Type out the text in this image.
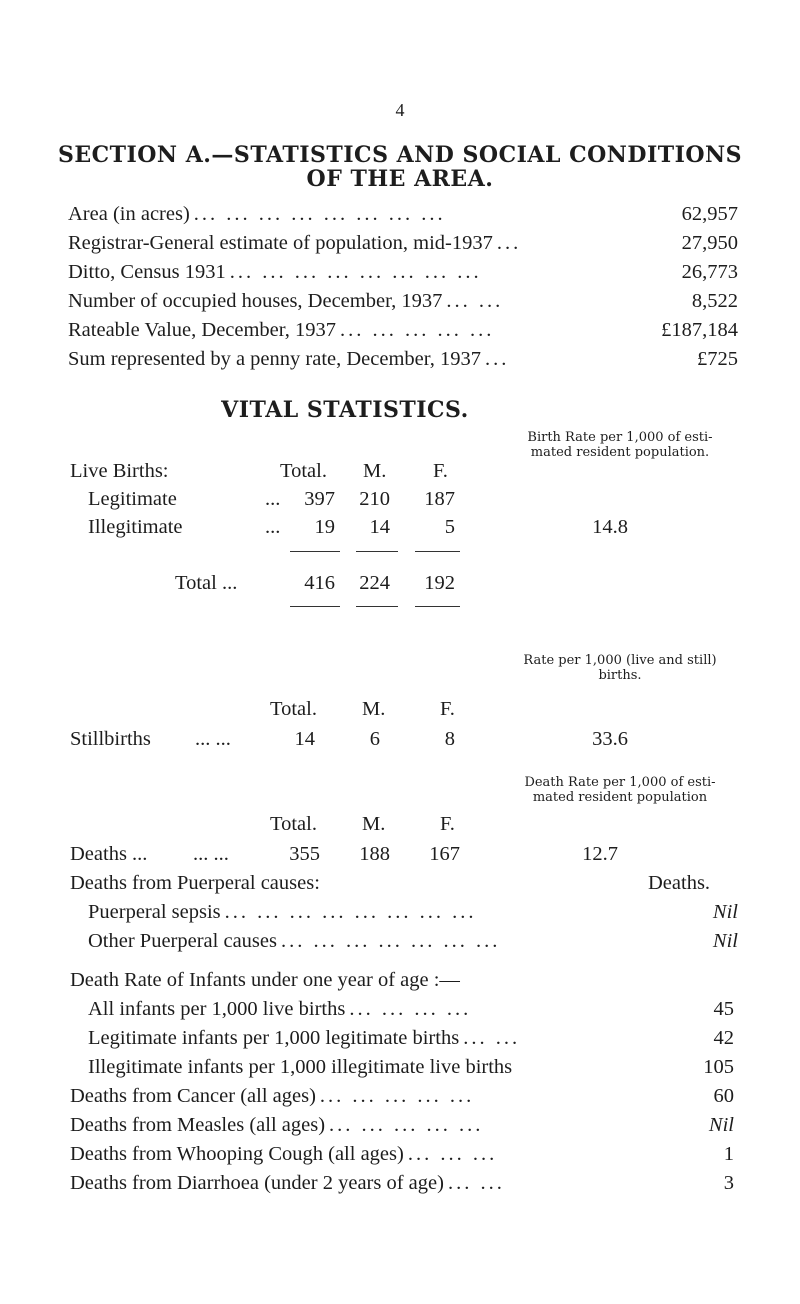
4
SECTION A.—STATISTICS AND SOCIAL CONDITIONS
OF THE AREA.
Area (in acres) ... ... ... ... ... ... ... ...	62,957
Registrar-General estimate of population, mid-1937 ...	27,950
Ditto, Census 1931 ... ... ... ... ... ... ... ...	26,773
Number of occupied houses, December, 1937 ... ...	8,522
Rateable Value, December, 1937 ... ... ... ... ...	£187,184
Sum represented by a penny rate, December, 1937 ...	£725
VITAL STATISTICS.
Birth Rate per 1,000 of esti-
mated resident population.
Live Births:	Total. M. F.
Legitimate	...	397	210	187
Illegitimate	...	19	14	5	14.8
Total ...	416	224	192
Rate per 1,000 (live and still)
births.
Total. M.	F.
Stillbirths ... ...	14	6	8	33.6
Death Rate per 1,000 of esti-
mated resident population
Total. M.	F.
Deaths ... ... ...	355	188	167	12.7
Deaths from Puerperal causes:	Deaths.
Puerperal sepsis ... ... ... ... ... ... ... ...	Nil
Other Puerperal causes ... ... ... ... ... ... ...	Nil
Death Rate of Infants under one year of age :—
All infants per 1,000 live births ... ... ... ...	45
Legitimate infants per 1,000 legitimate births ... ...	42
Illegitimate infants per 1,000 illegitimate live births	105
Deaths from Cancer (all ages) ... ... ... ... ...	60
Deaths from Measles (all ages) ... ... ... ... ...	Nil
Deaths from Whooping Cough (all ages) ... ... ...	1
Deaths from Diarrhoea (under 2 years of age) ... ...	3
